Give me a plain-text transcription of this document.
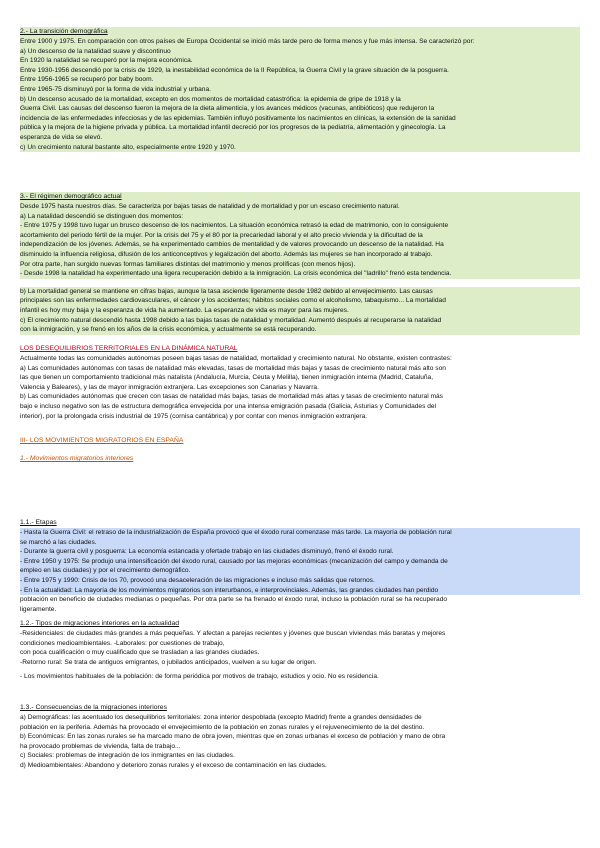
2.- La transición demográfica
Entre 1900 y 1975. En comparación con otros países de Europa Occidental se inició más tarde pero de forma menos y fue más intensa. Se caracterizó por:
a) Un descenso de la natalidad suave y discontinuo
En 1920 la natalidad se recuperó por la mejora económica.
Entre 1930-1956 descendió por la crisis de 1929, la inestabilidad económica de la II República, la Guerra Civil y la grave situación de la posguerra.
Entre 1956-1965 se recuperó por baby boom.
Entre 1965-75 disminuyó por la forma de vida industrial y urbana.
b) Un descenso acusado de la mortalidad, excepto en dos momentos de mortalidad catastrófica: la epidemia de gripe de 1918 y la
Guerra Civil. Las causas del descenso fueron la mejora de la dieta alimenticia, y los avances médicos (vacunas, antibióticos) que redujeron la
incidencia de las enfermedades infecciosas y de las epidemias. También influyó positivamente los nacimientos en clínicas, la extensión de la sanidad
pública y la mejora de la higiene privada y pública. La mortalidad infantil decreció por los progresos de la pediatría, alimentación y ginecología. La
esperanza de vida se elevó.
c) Un crecimiento natural bastante alto, especialmente entre 1920 y 1970.
3.- El régimen demográfico actual
Desde 1975 hasta nuestros días. Se caracteriza por bajas tasas de natalidad y de mortalidad y por un escaso crecimiento natural.
a) La natalidad descendió se distinguen dos momentos:
- Entre 1975 y 1998 tuvo lugar un brusco descenso de los nacimientos. La situación económica retrasó la edad de matrimonio, con lo consiguiente
acortamiento del periodo fértil de la mujer. Por la crisis del 75 y el 80 por la precariedad laboral y el alto precio vivienda y la dificultad de la
independización de los jóvenes. Además, se ha experimentado cambios de mentalidad y de valores provocando un descenso de la natalidad. Ha
disminuido la influencia religiosa, difusión de los anticonceptivos y legalización del aborto. Además las mujeres se han incorporado al trabajo.
Por otra parte, han surgido nuevas formas familiares distintas del matrimonio y menos prolíficas (con menos hijos).
- Desde 1998 la natalidad ha experimentado una ligera recuperación debido a la inmigración. La crisis económica del "ladrillo" frenó esta tendencia.
b) La mortalidad general se mantiene en cifras bajas, aunque la tasa asciende ligeramente desde 1982 debido al envejecimiento. Las causas
principales son las enfermedades cardiovasculares, el cáncer y los accidentes; hábitos sociales como el alcoholismo, tabaquismo... La mortalidad
infantil es hoy muy baja y la esperanza de vida ha aumentado. La esperanza de vida es mayor para las mujeres.
c) El crecimiento natural descendió hasta 1998 debido a las bajas tasas de natalidad y mortalidad. Aumentó después al recuperarse la natalidad
con la inmigración, y se frenó en los años de la crisis económica, y actualmente se está recuperando.
LOS DESEQUILIBRIOS TERRITORIALES EN LA DINÁMICA NATURAL
Actualmente todas las comunidades autónomas poseen bajas tasas de natalidad, mortalidad y crecimiento natural. No obstante, existen contrastes:
a) Las comunidades autónomas con tasas de natalidad más elevadas, tasas de mortalidad más bajas y tasas de crecimiento natural más alto son
las que tienen un comportamiento tradicional más natalista (Andalucía, Murcia, Ceuta y Melilla), tienen inmigración interna (Madrid, Cataluña,
Valencia y Baleares), y las de mayor inmigración extranjera. Las excepciones son Canarias y Navarra.
b) Las comunidades autónomas que crecen con tasas de natalidad más bajas, tasas de mortalidad más altas y tasas de crecimiento natural más
bajo e incluso negativo son las de estructura demográfica envejecida por una intensa emigración pasada (Galicia, Asturias y Comunidades del
interior), por la prolongada crisis industrial de 1975 (cornisa cantábrica) y por contar con menos inmigración extranjera.
III- LOS MOVIMIENTOS MIGRATORIOS EN ESPAÑA
1.- Movimientos migratorios interiores
1.1.- Etapas
- Hasta la Guerra Civil: el retraso de la industrialización de España provocó que el éxodo rural comenzase más tarde. La mayoría de población rural
se marchó a las ciudades.
- Durante la guerra civil y posguerra: La economía estancada y ofertade trabajo en las ciudades disminuyó, frenó el éxodo rural.
- Entre 1950 y 1975: Se produjo una intensificación del éxodo rural, causado por las mejoras económicas (mecanización del campo y demanda de
empleo en las ciudades) y por el crecimiento demográfico.
- Entre 1975 y 1990: Crisis de los 70, provocó una desaceleración de las migraciones e incluso más salidas que retornos.
- En la actualidad: La mayoría de los movimientos migratorios son interurbanos, e interprovinciales. Además, las grandes ciudades han perdido
población en beneficio de ciudades medianas o pequeñas. Por otra parte se ha frenado el éxodo rural, incluso la población rural se ha recuperado
ligeramente.
1.2.- Tipos de migraciones interiores en la actualidad
-Residenciales: de ciudades más grandes a más pequeñas. Y afectan a parejas recientes y jóvenes que buscan viviendas más baratas y mejores
condiciones medioambientales. -Laborales: por cuestiones de trabajo,
con poca cualificación o muy cualificado que se trasladan a las grandes ciudades.
-Retorno rural: Se trata de antiguos emigrantes, o jubilados anticipados, vuelven a su lugar de origen.
- Los movimientos habituales de la población: de forma periódica por motivos de trabajo, estudios y ocio. No es residencia.
1.3.- Consecuencias de la migraciones interiores
a) Demográficas: las acentuado los desequilibrios territoriales: zona interior despoblada (excepto Madrid) frente a grandes densidades de
población en la periferia. Además ha provocado el envejecimiento de la población en zonas rurales y el rejuvenecimiento de la del destino.
b) Económicas: En las zonas rurales se ha marcado mano de obra joven, mientras que en zonas urbanas el exceso de población y mano de obra
ha provocado problemas de vivienda, falta de trabajo...
c) Sociales: problemas de integración de los inmigrantes en las ciudades.
d) Medioambientales: Abandono y deterioro zonas rurales y el exceso de contaminación en las ciudades.
